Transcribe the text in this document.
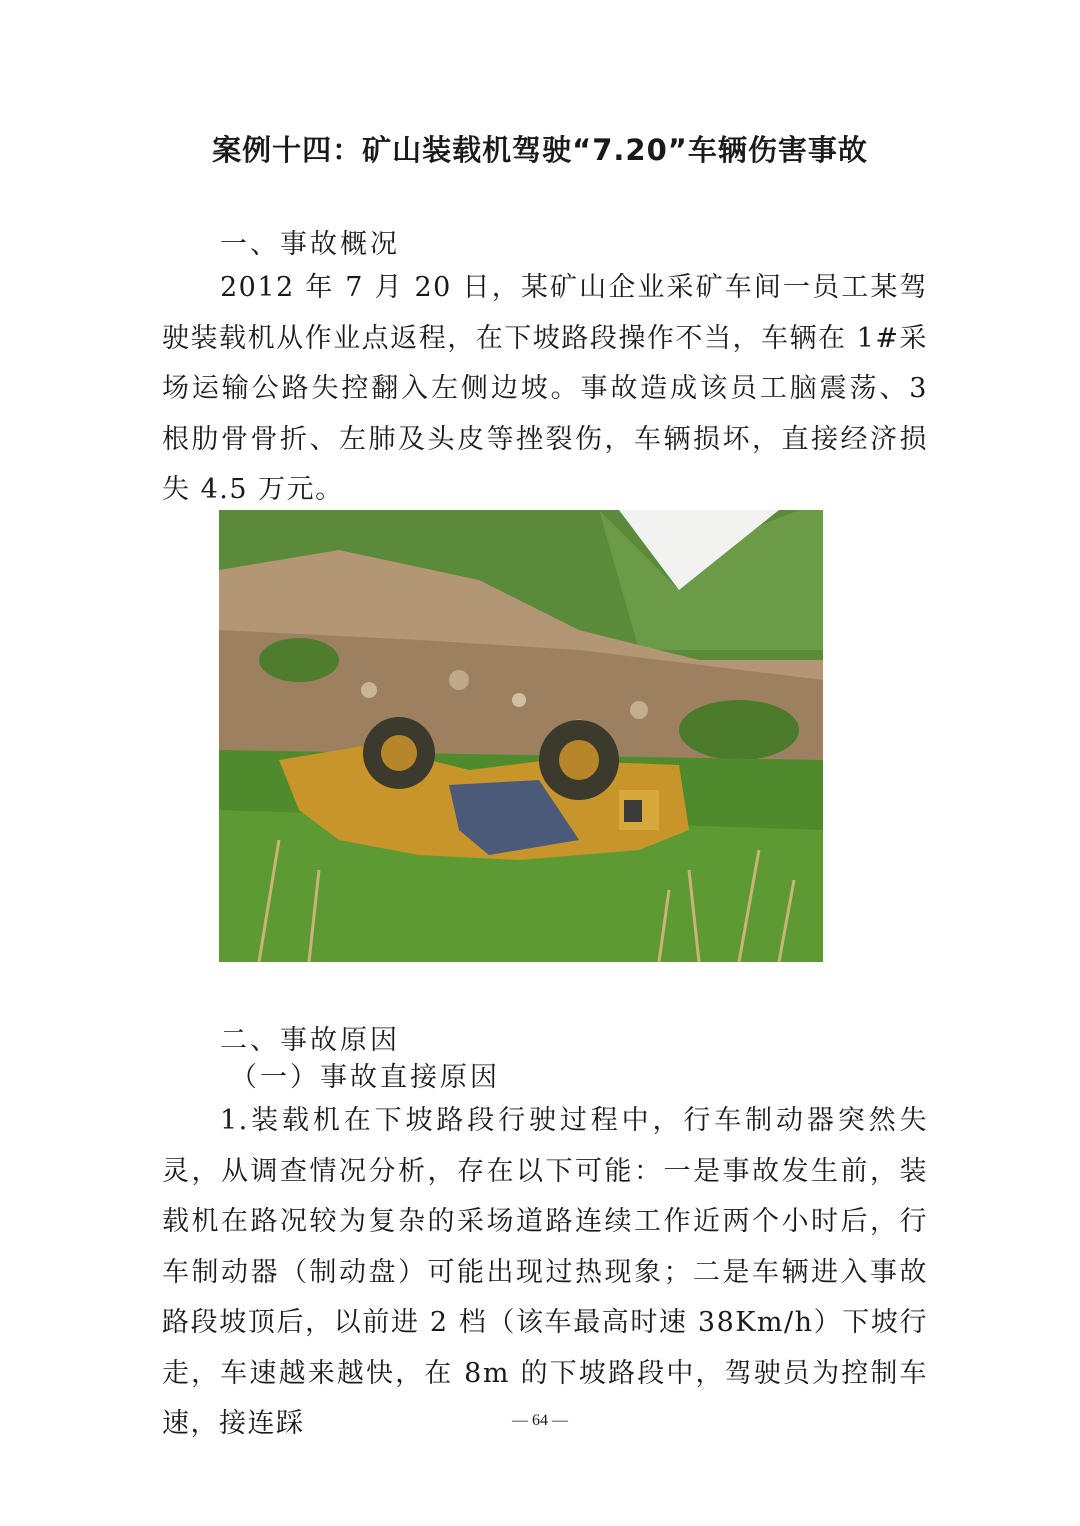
案例十四：矿山装载机驾驶“7.20”车辆伤害事故
一、事故概况
2012 年 7 月 20 日，某矿山企业采矿车间一员工某驾驶装载机从作业点返程，在下坡路段操作不当，车辆在 1#采场运输公路失控翻入左侧边坡。事故造成该员工脑震荡、3 根肋骨骨折、左肺及头皮等挫裂伤，车辆损坏，直接经济损失 4.5 万元。
二、事故原因
（一）事故直接原因
1.装载机在下坡路段行驶过程中，行车制动器突然失灵，从调查情况分析，存在以下可能：一是事故发生前，装载机在路况较为复杂的采场道路连续工作近两个小时后，行车制动器（制动盘）可能出现过热现象；二是车辆进入事故路段坡顶后，以前进 2 档（该车最高时速 38Km/h）下坡行走，车速越来越快，在 8m 的下坡路段中，驾驶员为控制车速，接连踩	— 64 —
